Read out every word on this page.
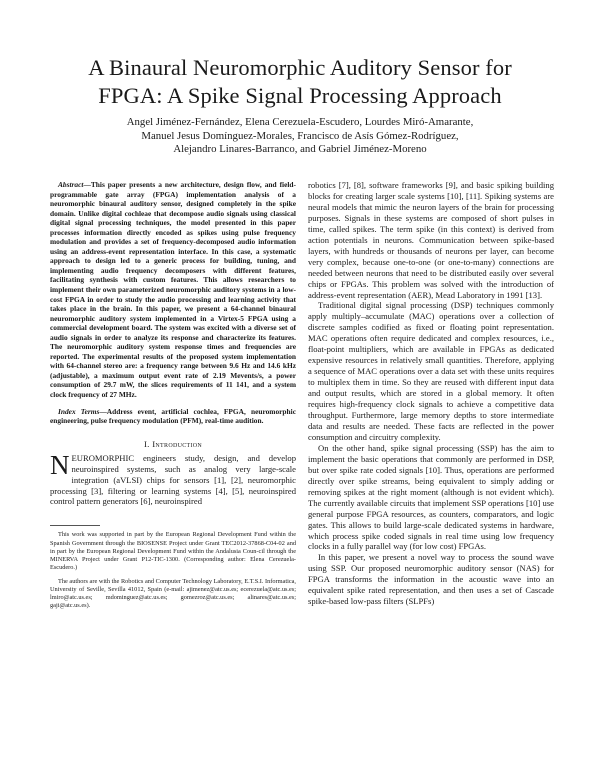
A Binaural Neuromorphic Auditory Sensor for
FPGA: A Spike Signal Processing Approach
Angel Jiménez-Fernández, Elena Cerezuela-Escudero, Lourdes Miró-Amarante,
Manuel Jesus Domínguez-Morales, Francisco de Asís Gómez-Rodríguez,
Alejandro Linares-Barranco, and Gabriel Jiménez-Moreno

Abstract—This paper presents a new architecture, design flow, and field-programmable gate array (FPGA) implementation analysis of a neuromorphic binaural auditory sensor, designed completely in the spike domain. Unlike digital cochleae that decompose audio signals using classical digital signal processing techniques, the model presented in this paper processes information directly encoded as spikes using pulse frequency modulation and provides a set of frequency-decomposed audio information using an address-event representation interface. In this case, a systematic approach to design led to a generic process for building, tuning, and implementing audio frequency decomposers with different features, facilitating synthesis with custom features. This allows researchers to implement their own parameterized neuromorphic auditory systems in a low-cost FPGA in order to study the audio processing and learning activity that takes place in the brain. In this paper, we present a 64-channel binaural neuromorphic auditory system implemented in a Virtex-5 FPGA using a commercial development board. The system was excited with a diverse set of audio signals in order to analyze its response and characterize its features. The neuromorphic auditory system response times and frequencies are reported. The experimental results of the proposed system implementation with 64-channel stereo are: a frequency range between 9.6 Hz and 14.6 kHz (adjustable), a maximum output event rate of 2.19 Mevents/s, a power consumption of 29.7 mW, the slices requirements of 11 141, and a system clock frequency of 27 MHz.

Index Terms—Address event, artificial cochlea, FPGA, neuromorphic engineering, pulse frequency modulation (PFM), real-time audition.

I. Introduction

NEUROMORPHIC engineers study, design, and develop neuroinspired systems, such as analog very large-scale integration (aVLSI) chips for sensors [1], [2], neuromorphic processing [3], filtering or learning systems [4], [5], neuroinspired control pattern generators [6], neuroinspired

This work was supported in part by the European Regional Development Fund within the Spanish Government through the BIOSENSE Project under Grant TEC2012-37868-C04-02 and in part by the European Regional Development Fund within the Andalusia Coun-cil through the MINERVA Project under Grant P12-TIC-1300. (Corresponding author: Elena Cerezuela-Escudero.)

The authors are with the Robotics and Computer Technology Laboratory, E.T.S.I. Informatica, University of Seville, Sevilla 41012, Spain (e-mail: ajimenez@atc.us.es; ecerezuela@atc.us.es; lmiro@atc.us.es; mdominguez@atc.us.es; gomezroz@atc.us.es; alinares@atc.us.es; gaji@atc.us.es).

robotics [7], [8], software frameworks [9], and basic spiking building blocks for creating larger scale systems [10], [11]. Spiking systems are neural models that mimic the neuron layers of the brain for processing purposes. Signals in these systems are composed of short pulses in time, called spikes. The term spike (in this context) is derived from action potentials in neurons. Communication between spike-based layers, with hundreds or thousands of neurons per layer, can become very complex, because one-to-one (or one-to-many) connections are needed between neurons that need to be distributed easily over several chips or FPGAs. This problem was solved with the introduction of address-event representation (AER), Mead Laboratory in 1991 [13].

Traditional digital signal processing (DSP) techniques commonly apply multiply–accumulate (MAC) operations over a collection of discrete samples codified as fixed or floating point representation. MAC operations often require dedicated and complex resources, i.e., float-point multipliers, which are available in FPGAs as dedicated expensive resources in relatively small quantities. Therefore, applying a sequence of MAC operations over a data set with these units requires to multiplex them in time. So they are reused with different input data and output results, which are stored in a global memory. It often requires high-frequency clock signals to achieve a competitive data throughput. Furthermore, large memory depths to store intermediate data and results are needed. These facts are reflected in the power consumption and circuitry complexity.

On the other hand, spike signal processing (SSP) has the aim to implement the basic operations that commonly are performed in DSP, but over spike rate coded signals [10]. Thus, operations are performed directly over spike streams, being equivalent to simply adding or removing spikes at the right moment (although is not evident which). The currently available circuits that implement SSP operations [10] use general purpose FPGA resources, as counters, comparators, and logic gates. This allows to build large-scale dedicated systems in hardware, which process spike coded signals in real time using low frequency clocks in a fully parallel way (for low cost) FPGAs.

In this paper, we present a novel way to process the sound wave using SSP. Our proposed neuromorphic auditory sensor (NAS) for FPGA transforms the information in the acoustic wave into an equivalent spike rated representation, and then uses a set of Cascade spike-based low-pass filters (SLPFs)
